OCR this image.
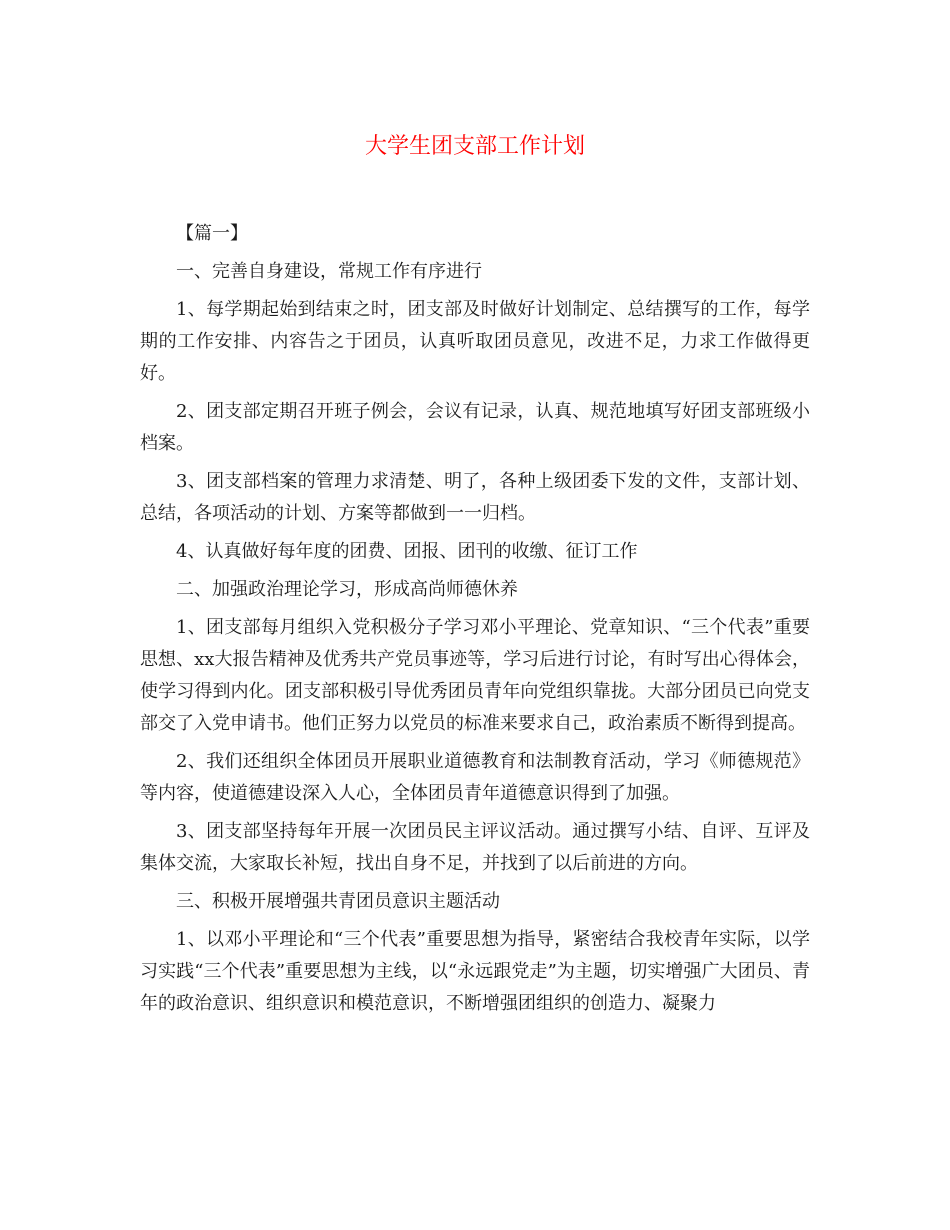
大学生团支部工作计划

【篇一】

一、完善自身建设，常规工作有序进行

1、每学期起始到结束之时，团支部及时做好计划制定、总结撰写的工作，每学期的工作安排、内容告之于团员，认真听取团员意见，改进不足，力求工作做得更好。

2、团支部定期召开班子例会，会议有记录，认真、规范地填写好团支部班级小档案。

3、团支部档案的管理力求清楚、明了，各种上级团委下发的文件，支部计划、总结，各项活动的计划、方案等都做到一一归档。

4、认真做好每年度的团费、团报、团刊的收缴、征订工作

二、加强政治理论学习，形成高尚师德休养

1、团支部每月组织入党积极分子学习邓小平理论、党章知识、“三个代表”重要思想、xx大报告精神及优秀共产党员事迹等，学习后进行讨论，有时写出心得体会，使学习得到内化。团支部积极引导优秀团员青年向党组织靠拢。大部分团员已向党支部交了入党申请书。他们正努力以党员的标准来要求自己，政治素质不断得到提高。

2、我们还组织全体团员开展职业道德教育和法制教育活动，学习《师德规范》等内容，使道德建设深入人心，全体团员青年道德意识得到了加强。

3、团支部坚持每年开展一次团员民主评议活动。通过撰写小结、自评、互评及集体交流，大家取长补短，找出自身不足，并找到了以后前进的方向。

三、积极开展增强共青团员意识主题活动

1、以邓小平理论和“三个代表”重要思想为指导，紧密结合我校青年实际，以学习实践“三个代表”重要思想为主线，以“永远跟党走”为主题，切实增强广大团员、青年的政治意识、组织意识和模范意识，不断增强团组织的创造力、凝聚力
